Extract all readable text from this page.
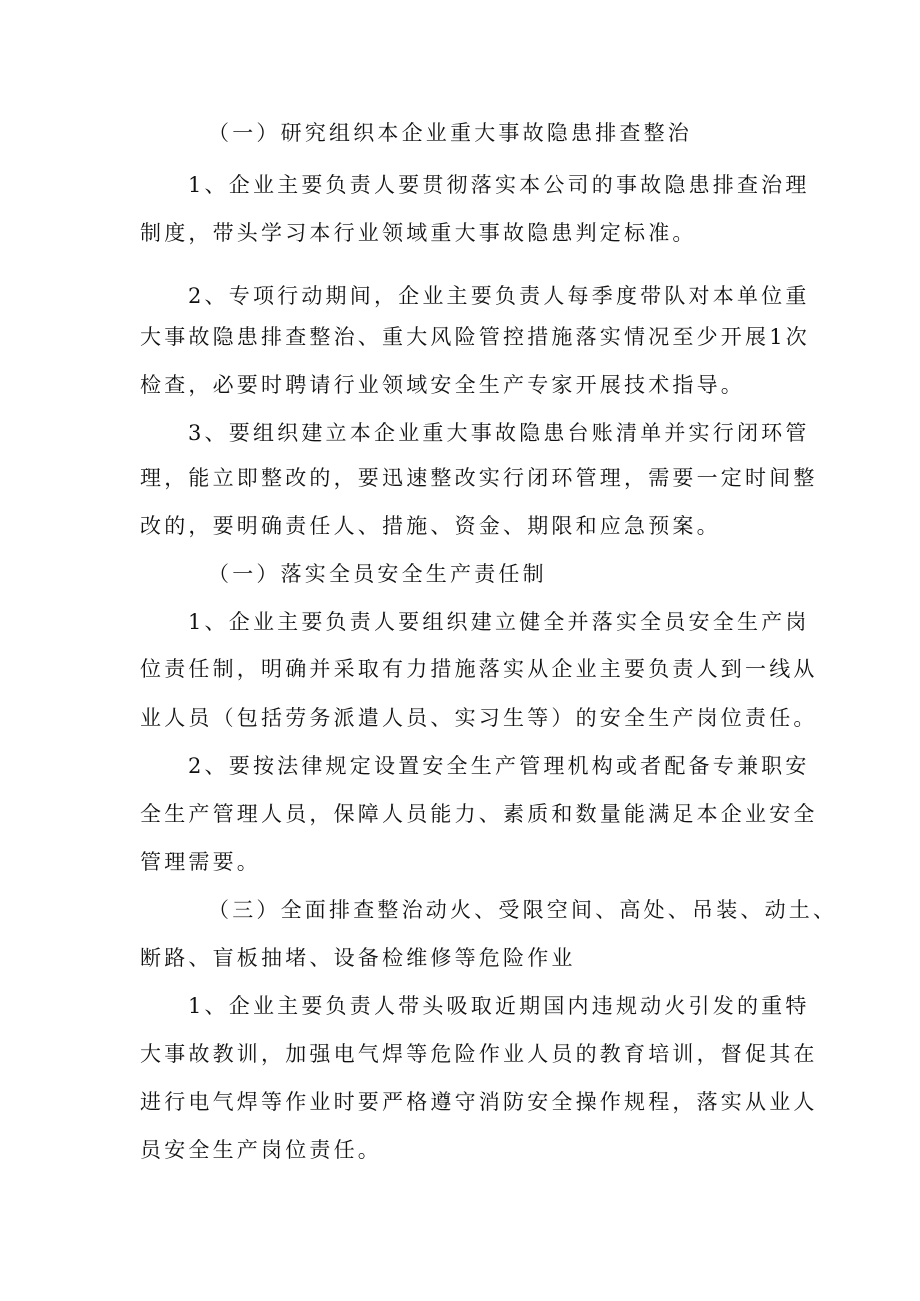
（一）研究组织本企业重大事故隐患排查整治
1、企业主要负责人要贯彻落实本公司的事故隐患排查治理
制度，带头学习本行业领域重大事故隐患判定标准。
2、专项行动期间，企业主要负责人每季度带队对本单位重
大事故隐患排查整治、重大风险管控措施落实情况至少开展1次
检查，必要时聘请行业领域安全生产专家开展技术指导。
3、要组织建立本企业重大事故隐患台账清单并实行闭环管
理，能立即整改的，要迅速整改实行闭环管理，需要一定时间整
改的，要明确责任人、措施、资金、期限和应急预案。
（一）落实全员安全生产责任制
1、企业主要负责人要组织建立健全并落实全员安全生产岗
位责任制，明确并采取有力措施落实从企业主要负责人到一线从
业人员（包括劳务派遣人员、实习生等）的安全生产岗位责任。
2、要按法律规定设置安全生产管理机构或者配备专兼职安
全生产管理人员，保障人员能力、素质和数量能满足本企业安全
管理需要。
（三）全面排查整治动火、受限空间、高处、吊装、动土、
断路、盲板抽堵、设备检维修等危险作业
1、企业主要负责人带头吸取近期国内违规动火引发的重特
大事故教训，加强电气焊等危险作业人员的教育培训，督促其在
进行电气焊等作业时要严格遵守消防安全操作规程，落实从业人
员安全生产岗位责任。
